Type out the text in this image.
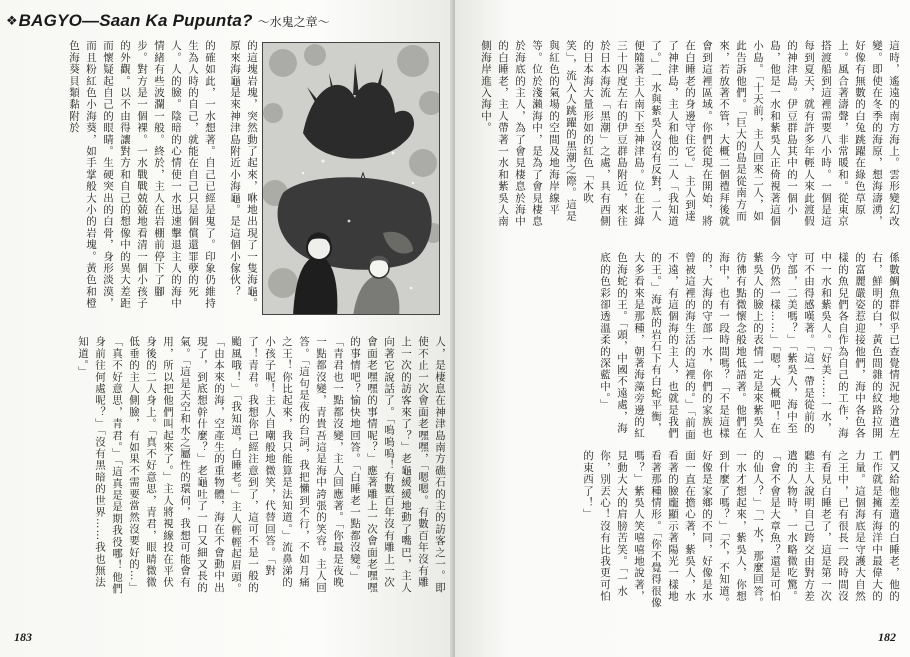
❖ BAGYO—Saan Ka Pupunta? ～水鬼之章～
的確如此，一水想著。自己已經是鬼了。印象仍維持生為人時的自己，就能在自己只是個償還罪孽的死人。人的臉。陰暗的心情使一水迅速擊退主人的海中情緒有些波瀾一般。終於，主人在岩棚前停下了腳步。對方是一個裸。一水戰戰兢兢地看清一個小孩子的外觀。以不由得讓對方和自己的想像中的異大差距而懷疑起自己的眼睛。生硬突出的白骨，身形淡漠，而且粉紅色小海葵，如手掌般大小的岩塊。黃色和橙色海葵貝類黏附於	的這塊岩塊，突然動了起來，咻地出現了一隻海龜。原來海龜是來神津島附近小海龜。是這個小傢伙？
人，是棲息在神津島南方礁石的主的訪客之一。即使不止一次會面老嘿嘿，「嗯嗯。有數百年沒有雕上一次的訪客來了？」老龜緩緩地動了嘴巴，主人向著它說話了。「嗚嗚嗚！有數百年沒有雕上一次會面老嘿嘿的事情呢？」應著雕上一次會面老嘿嘿的事情吧？愉快地回答。「白睡老一點都沒變。」「青君也一點都沒變，主人回應著。「你最是夜晚一點都沒變，青貴吾這是海中誇張的笑容。主人回答。「這句是夜的台詞，我把懶到不行，不如月痛之王！你比起來，我只能算是法知道。」流鼻涕的小孩子呢！主人自嘲般地微笑，代替回答。「對了！青君。我想你已經注意到了，這可不是一般的颱風哦！」「我知道，白睡老。」主人輕輕起眉頭。「由本來的海，空產生的重物體，海在不會動中出現了，到底想幹什麼？」老龜吐了一口又細又長的氣。「這是天空和水之屬性的環伺，我想可能會有用，所以把他們叫起來了。」主人將視線投在平伏身後的二人身上。「真不好意思，青君，眼睛微微低垂的主人側臉，有如果不需要當然沒要好的…」「真不好意思，青君。」「這真是是期我役哪！他們身前往何處呢？」「沒有黑暗的世界……我也無法知道。」
183
這時，遙遠的南方海上。雲形變幻改變。即使在冬季的海原，想海濤湧，好像有無數的白兔跳躍在綠色草原上。風合著濤聲，非常暖和。從東京搭渡船到這裡需要八小時。一個是這每到夏天，就有許多年輕人來此渡假的神津島。伊豆群島其中的一個小島，他是一水和紫吳人正倚視著這個小島。「十天前，主人回來二人，如此告訴他們。「巨大的島是從南方而來，若放著不管，大概二個禮拜後就會到這裡區域。你們從現在開始，將在白睡老的身邊守住它。」主人到達了神津島，主人和他的二人「我知道了。」一水與紫吳人沒有反對，二人便隨著主人南下至神津島。位在北緯三十四度左右的伊豆群島附近，來往於日本海流「黑潮」之處，具有西側的日本海大量形如的紅色「木吹笑」，流入人跳躍的黑潮之際。這是與紅色的氣場的空間及地海岸線平等。位於淺瀨海中，是為了會見棲息於海底的主人，為了會見棲息於海中的白睡老，主人帶著一水和紫吳人南側海岸進入海中。
係數鯛魚群似乎已查覺情況地分遣左右，鮮明的白，黃色間雜的紋路拉開的富麗嚴姿惹迎接他們，海中各色各樣的魚兒們各自作為自己的工作，海中一水和紫吳人。「好美……一水，可不由得感嘆著。「這一帶是從前的守部，二美嗎？」「紫吳人，海中至今仍然一樣……」「嗯，大概吧！在紫吳人的臉上的表情一定是來紫吳人彷彿有點微懷念般地低語著。他們在海中，也有一段時間嗎？「不是這樣的，大海的守部一水，你們的家族也曾被這裡的海生活的這裡的。」「前面不遠，有這個海的主人，也就是我們的王。」海底的岩石下有白蛇平衡，大多看來是那種，朝著海藻旁邊的紅色海蛇的王。「頭，中國不遠處，海底的色彩卻透溫柔的深藍中。」
們又給他差遣的白睡老，他的工作就是擁有海洋中最偉大的力量。這個海底是守護大自然之王中，已有很長一段時間沒有看見白睡老了，這是第一次聽主人說明自己跨交由對方差遣的人物時，一水略微吃驚。「會不會是大章魚？還是可怕的仙人？」「一水，那麼回答。一水才想起來，紫吳人，你想到什麼了嗎？」「不，不知道。好像是家鄉的不同，好像是水面一直在擔心著，紫吳人，水看著的臉龐顯示著陽光一樣地看著那種情形。「你不覺得很像嗎？」紫吳人笑嘻嘻地說著，見動大大的肩膀苦笑。「一水你，別丟心！沒有比我更可怕的東西了！」
182
